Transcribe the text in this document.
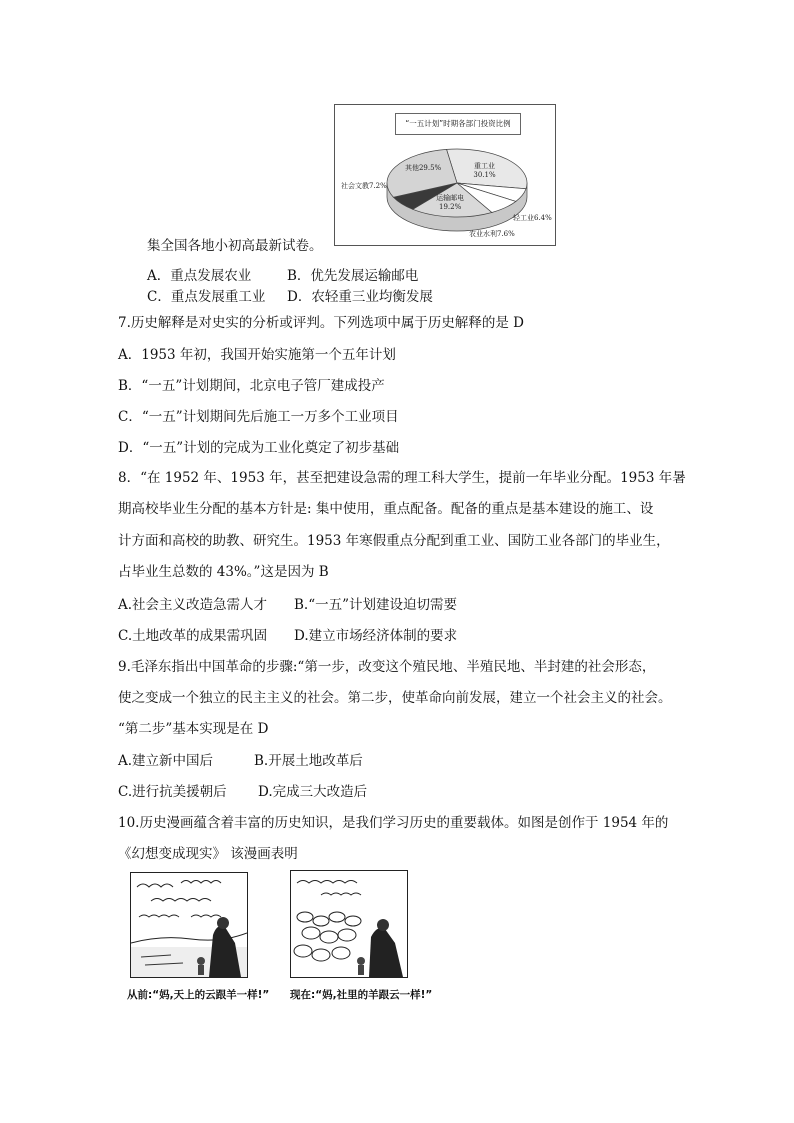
“一五计划”时期各部门投资比例
重工业
30.1%
轻工业6.4%
农业水利7.6%
运输邮电
19.2%
社会文教7.2%
其他29.5%
集全国各地小初高最新试卷。
A．重点发展农业	B．优先发展运输邮电
C．重点发展重工业 D．农轻重三业均衡发展
7.历史解释是对史实的分析或评判。下列选项中属于历史解释的是 D
A．1953 年初，我国开始实施第一个五年计划
B．“一五”计划期间，北京电子管厂建成投产
C．“一五”计划期间先后施工一万多个工业项目
D．“一五”计划的完成为工业化奠定了初步基础
8．“在 1952 年、1953 年，甚至把建设急需的理工科大学生，提前一年毕业分配。1953 年暑
期高校毕业生分配的基本方针是: 集中使用，重点配备。配备的重点是基本建设的施工、设
计方面和高校的助教、研究生。1953 年寒假重点分配到重工业、国防工业各部门的毕业生，
占毕业生总数的 43%。”这是因为 B
A.社会主义改造急需人才 B.“一五”计划建设迫切需要
C.土地改革的成果需巩固 D.建立市场经济体制的要求
9.毛泽东指出中国革命的步骤:“第一步，改变这个殖民地、半殖民地、半封建的社会形态，
使之变成一个独立的民主主义的社会。第二步，使革命向前发展，建立一个社会主义的社会。
“第二步”基本实现是在 D
A.建立新中国后	B.开展土地改革后
C.进行抗美援朝后 D.完成三大改造后
10.历史漫画蕴含着丰富的历史知识，是我们学习历史的重要载体。如图是创作于 1954 年的
《幻想变成现实》 该漫画表明
从前:“妈,天上的云跟羊一样!” 现在:“妈,社里的羊跟云一样!”
